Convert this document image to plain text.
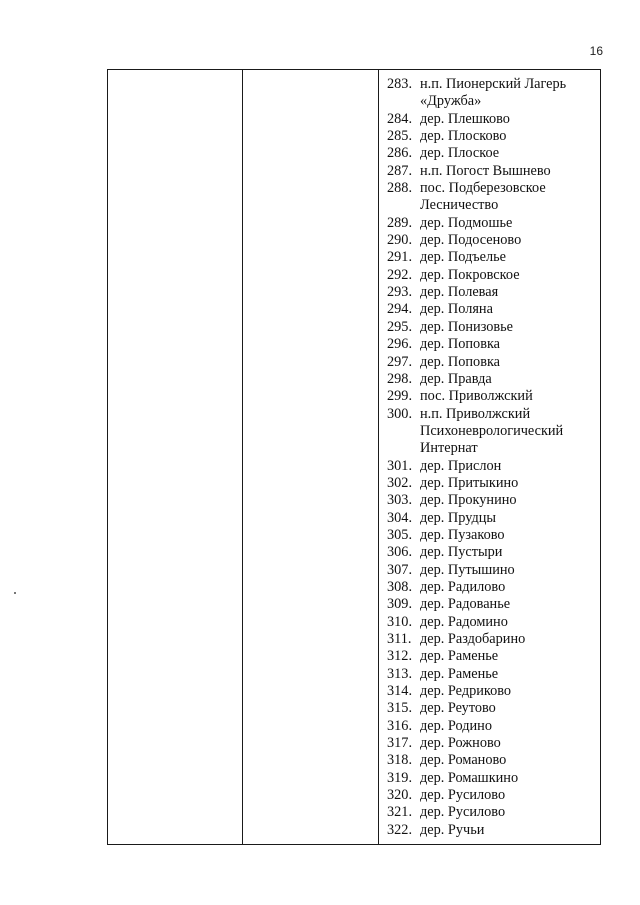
16
283. н.п. Пионерский Лагерь «Дружба»
284. дер. Плешково
285. дер. Плосково
286. дер. Плоское
287. н.п. Погост Вышнево
288. пос. Подберезовское Лесничество
289. дер. Подмошье
290. дер. Подосеново
291. дер. Подъелье
292. дер. Покровское
293. дер. Полевая
294. дер. Поляна
295. дер. Понизовье
296. дер. Поповка
297. дер. Поповка
298. дер. Правда
299. пос. Приволжский
300. н.п. Приволжский Психоневрологический Интернат
301. дер. Прислон
302. дер. Притыкино
303. дер. Прокунино
304. дер. Прудцы
305. дер. Пузаково
306. дер. Пустыри
307. дер. Путышино
308. дер. Радилово
309. дер. Радованье
310. дер. Радомино
311. дер. Раздобарино
312. дер. Раменье
313. дер. Раменье
314. дер. Редриково
315. дер. Реутово
316. дер. Родино
317. дер. Рожново
318. дер. Романово
319. дер. Ромашкино
320. дер. Русилово
321. дер. Русилово
322. дер. Ручьи
